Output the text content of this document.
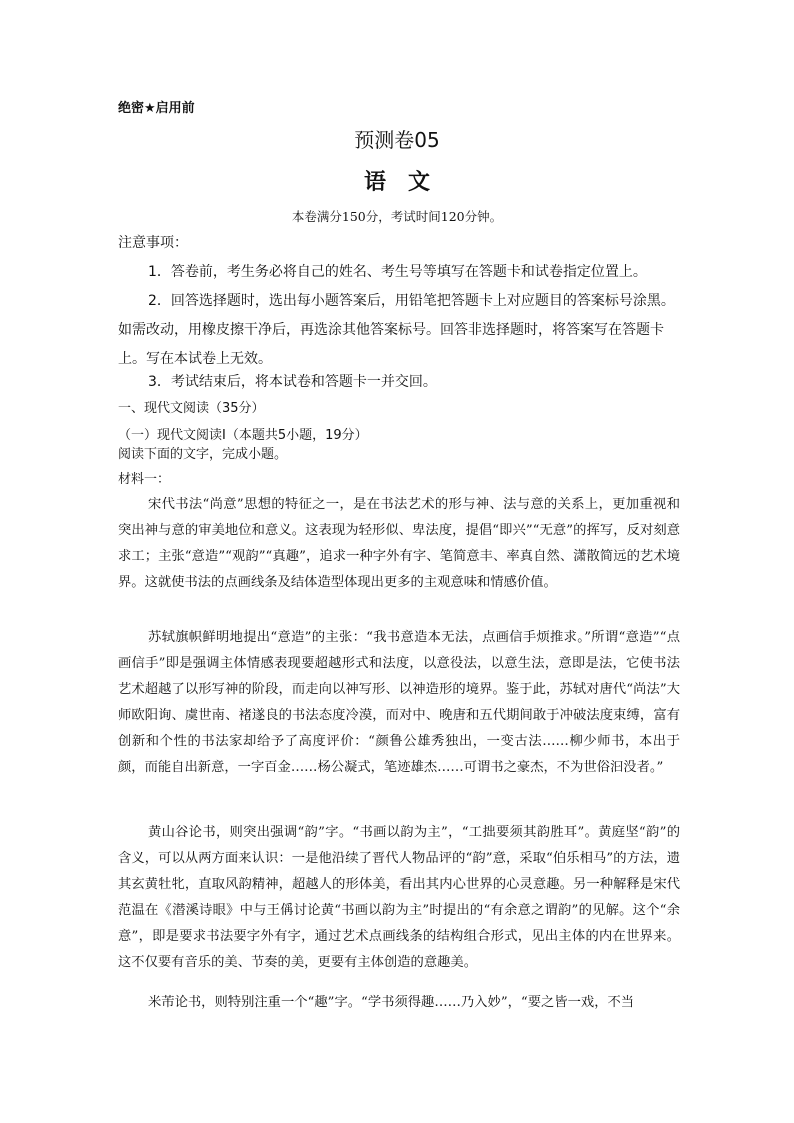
绝密★启用前
预测卷05
语文
本卷满分150分，考试时间120分钟。
注意事项：
1．答卷前，考生务必将自己的姓名、考生号等填写在答题卡和试卷指定位置上。
2．回答选择题时，选出每小题答案后，用铅笔把答题卡上对应题目的答案标号涂黑。如需改动，用橡皮擦干净后，再选涂其他答案标号。回答非选择题时，将答案写在答题卡上。写在本试卷上无效。
3．考试结束后，将本试卷和答题卡一并交回。
一、现代文阅读（35分）
（一）现代文阅读Ⅰ（本题共5小题，19分）
阅读下面的文字，完成小题。
材料一：

宋代书法“尚意”思想的特征之一，是在书法艺术的形与神、法与意的关系上，更加重视和突出神与意的审美地位和意义。这表现为轻形似、卑法度，提倡“即兴”“无意”的挥写，反对刻意求工；主张“意造”“观韵”“真趣”，追求一种字外有字、笔简意丰、率真自然、潇散简远的艺术境界。这就使书法的点画线条及结体造型体现出更多的主观意味和情感价值。

苏轼旗帜鲜明地提出“意造”的主张：“我书意造本无法，点画信手烦推求。”所谓“意造”“点画信手”即是强调主体情感表现要超越形式和法度，以意役法，以意生法，意即是法，它使书法艺术超越了以形写神的阶段，而走向以神写形、以神造形的境界。鉴于此，苏轼对唐代“尚法”大师欧阳询、虞世南、褚遂良的书法态度冷漠，而对中、晚唐和五代期间敢于冲破法度束缚，富有创新和个性的书法家却给予了高度评价：“颜鲁公雄秀独出，一变古法……柳少师书，本出于颜，而能自出新意，一字百金……杨公凝式，笔迹雄杰……可谓书之豪杰，不为世俗汩没者。”

黄山谷论书，则突出强调“韵”字。“书画以韵为主”，“工拙要须其韵胜耳”。黄庭坚“韵”的含义，可以从两方面来认识：一是他沿续了晋代人物品评的“韵”意，采取“伯乐相马”的方法，遗其玄黄牡牝，直取风韵精神，超越人的形体美，看出其内心世界的心灵意趣。另一种解释是宋代范温在《潜溪诗眼》中与王偁讨论黄“书画以韵为主”时提出的“有余意之谓韵”的见解。这个“余意”，即是要求书法要字外有字，通过艺术点画线条的结构组合形式，见出主体的内在世界来。这不仅要有音乐的美、节奏的美，更要有主体创造的意趣美。

米芾论书，则特别注重一个“趣”字。“学书须得趣……乃入妙”，“要之皆一戏，不当
